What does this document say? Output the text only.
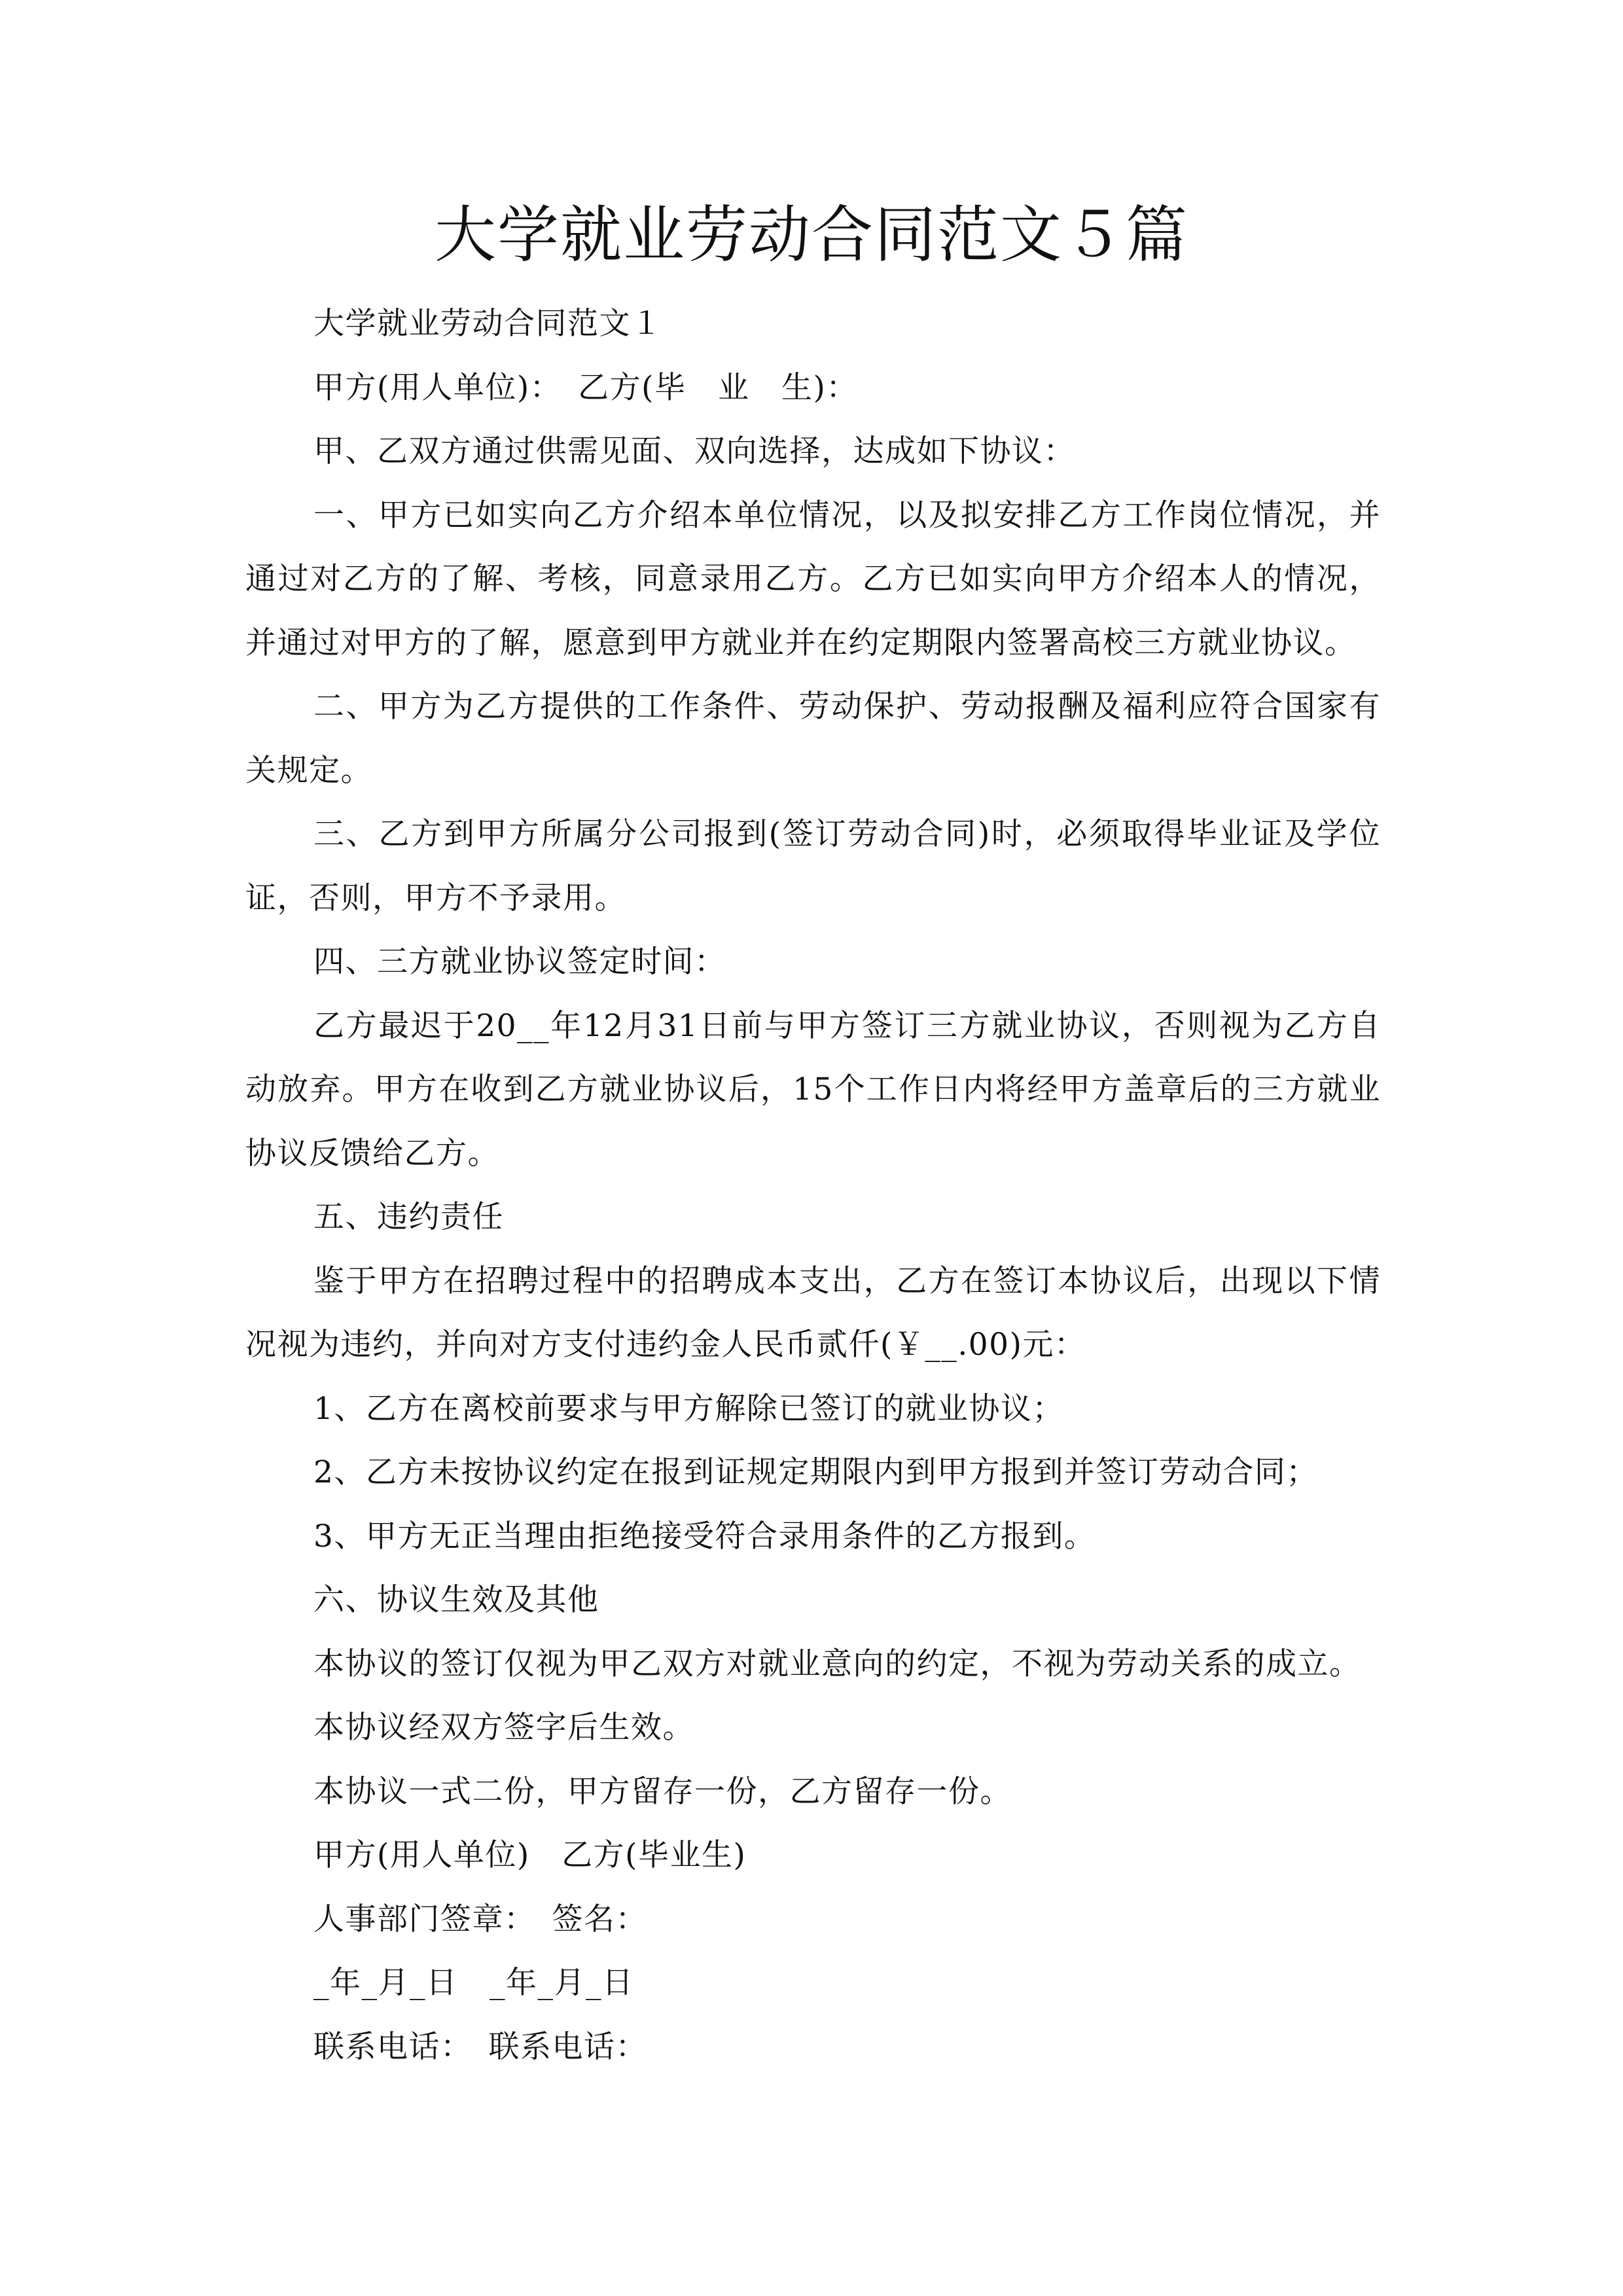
大学就业劳动合同范文５篇

大学就业劳动合同范文１

甲方(用人单位)：　乙方(毕　业　生)：

甲、乙双方通过供需见面、双向选择，达成如下协议：

一、甲方已如实向乙方介绍本单位情况，以及拟安排乙方工作岗位情况，并通过对乙方的了解、考核，同意录用乙方。乙方已如实向甲方介绍本人的情况，并通过对甲方的了解，愿意到甲方就业并在约定期限内签署高校三方就业协议。

二、甲方为乙方提供的工作条件、劳动保护、劳动报酬及福利应符合国家有关规定。

三、乙方到甲方所属分公司报到(签订劳动合同)时，必须取得毕业证及学位证，否则，甲方不予录用。

四、三方就业协议签定时间：

乙方最迟于20__年12月31日前与甲方签订三方就业协议，否则视为乙方自动放弃。甲方在收到乙方就业协议后，15个工作日内将经甲方盖章后的三方就业协议反馈给乙方。

五、违约责任

鉴于甲方在招聘过程中的招聘成本支出，乙方在签订本协议后，出现以下情况视为违约，并向对方支付违约金人民币贰仟(￥__.00)元：

1、乙方在离校前要求与甲方解除已签订的就业协议；

2、乙方未按协议约定在报到证规定期限内到甲方报到并签订劳动合同；

3、甲方无正当理由拒绝接受符合录用条件的乙方报到。

六、协议生效及其他

本协议的签订仅视为甲乙双方对就业意向的约定，不视为劳动关系的成立。

本协议经双方签字后生效。

本协议一式二份，甲方留存一份，乙方留存一份。

甲方(用人单位)　乙方(毕业生)

人事部门签章：　签名：

_年_月_日　_年_月_日

联系电话：　联系电话：
